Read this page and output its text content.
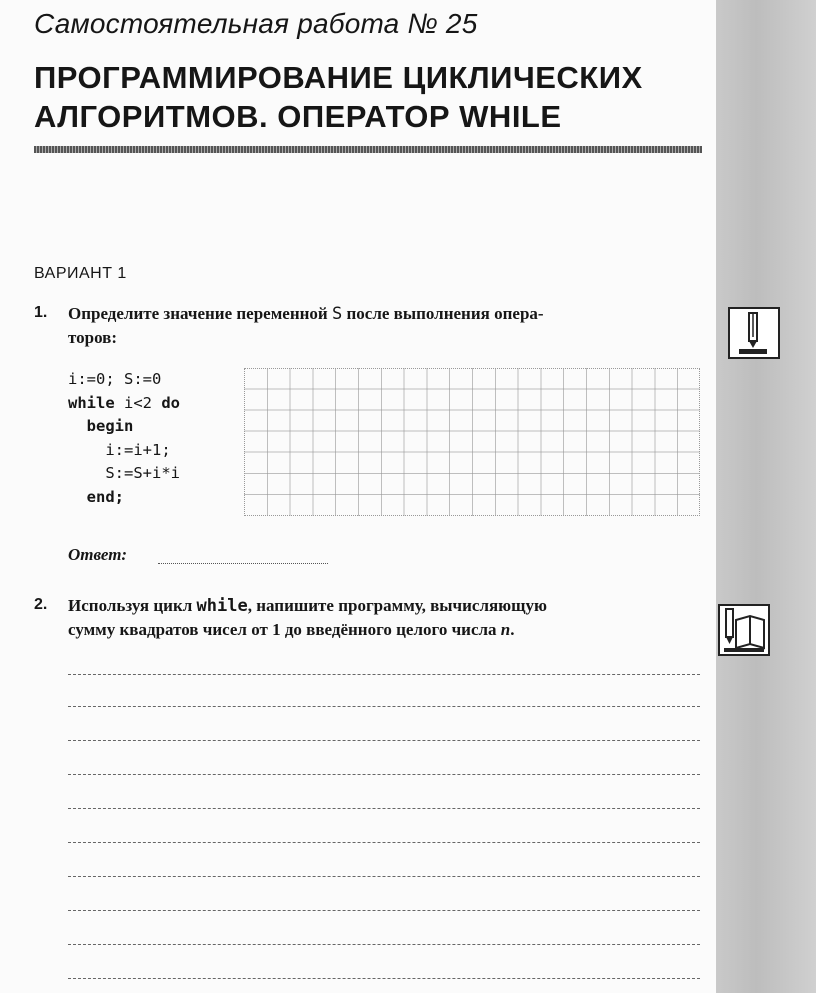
Самостоятельная работа № 25
ПРОГРАММИРОВАНИЕ ЦИКЛИЧЕСКИХ
АЛГОРИТМОВ. ОПЕРАТОР WHILE
ВАРИАНТ 1
1. Определите значение переменной S после выполнения опера-
торов:
i:=0; S:=0
while i<2 do
begin
i:=i+1;
S:=S+i*i
end;
Ответ:
2. Используя цикл while, напишите программу, вычисляющую
сумму квадратов чисел от 1 до введённого целого числа n.
